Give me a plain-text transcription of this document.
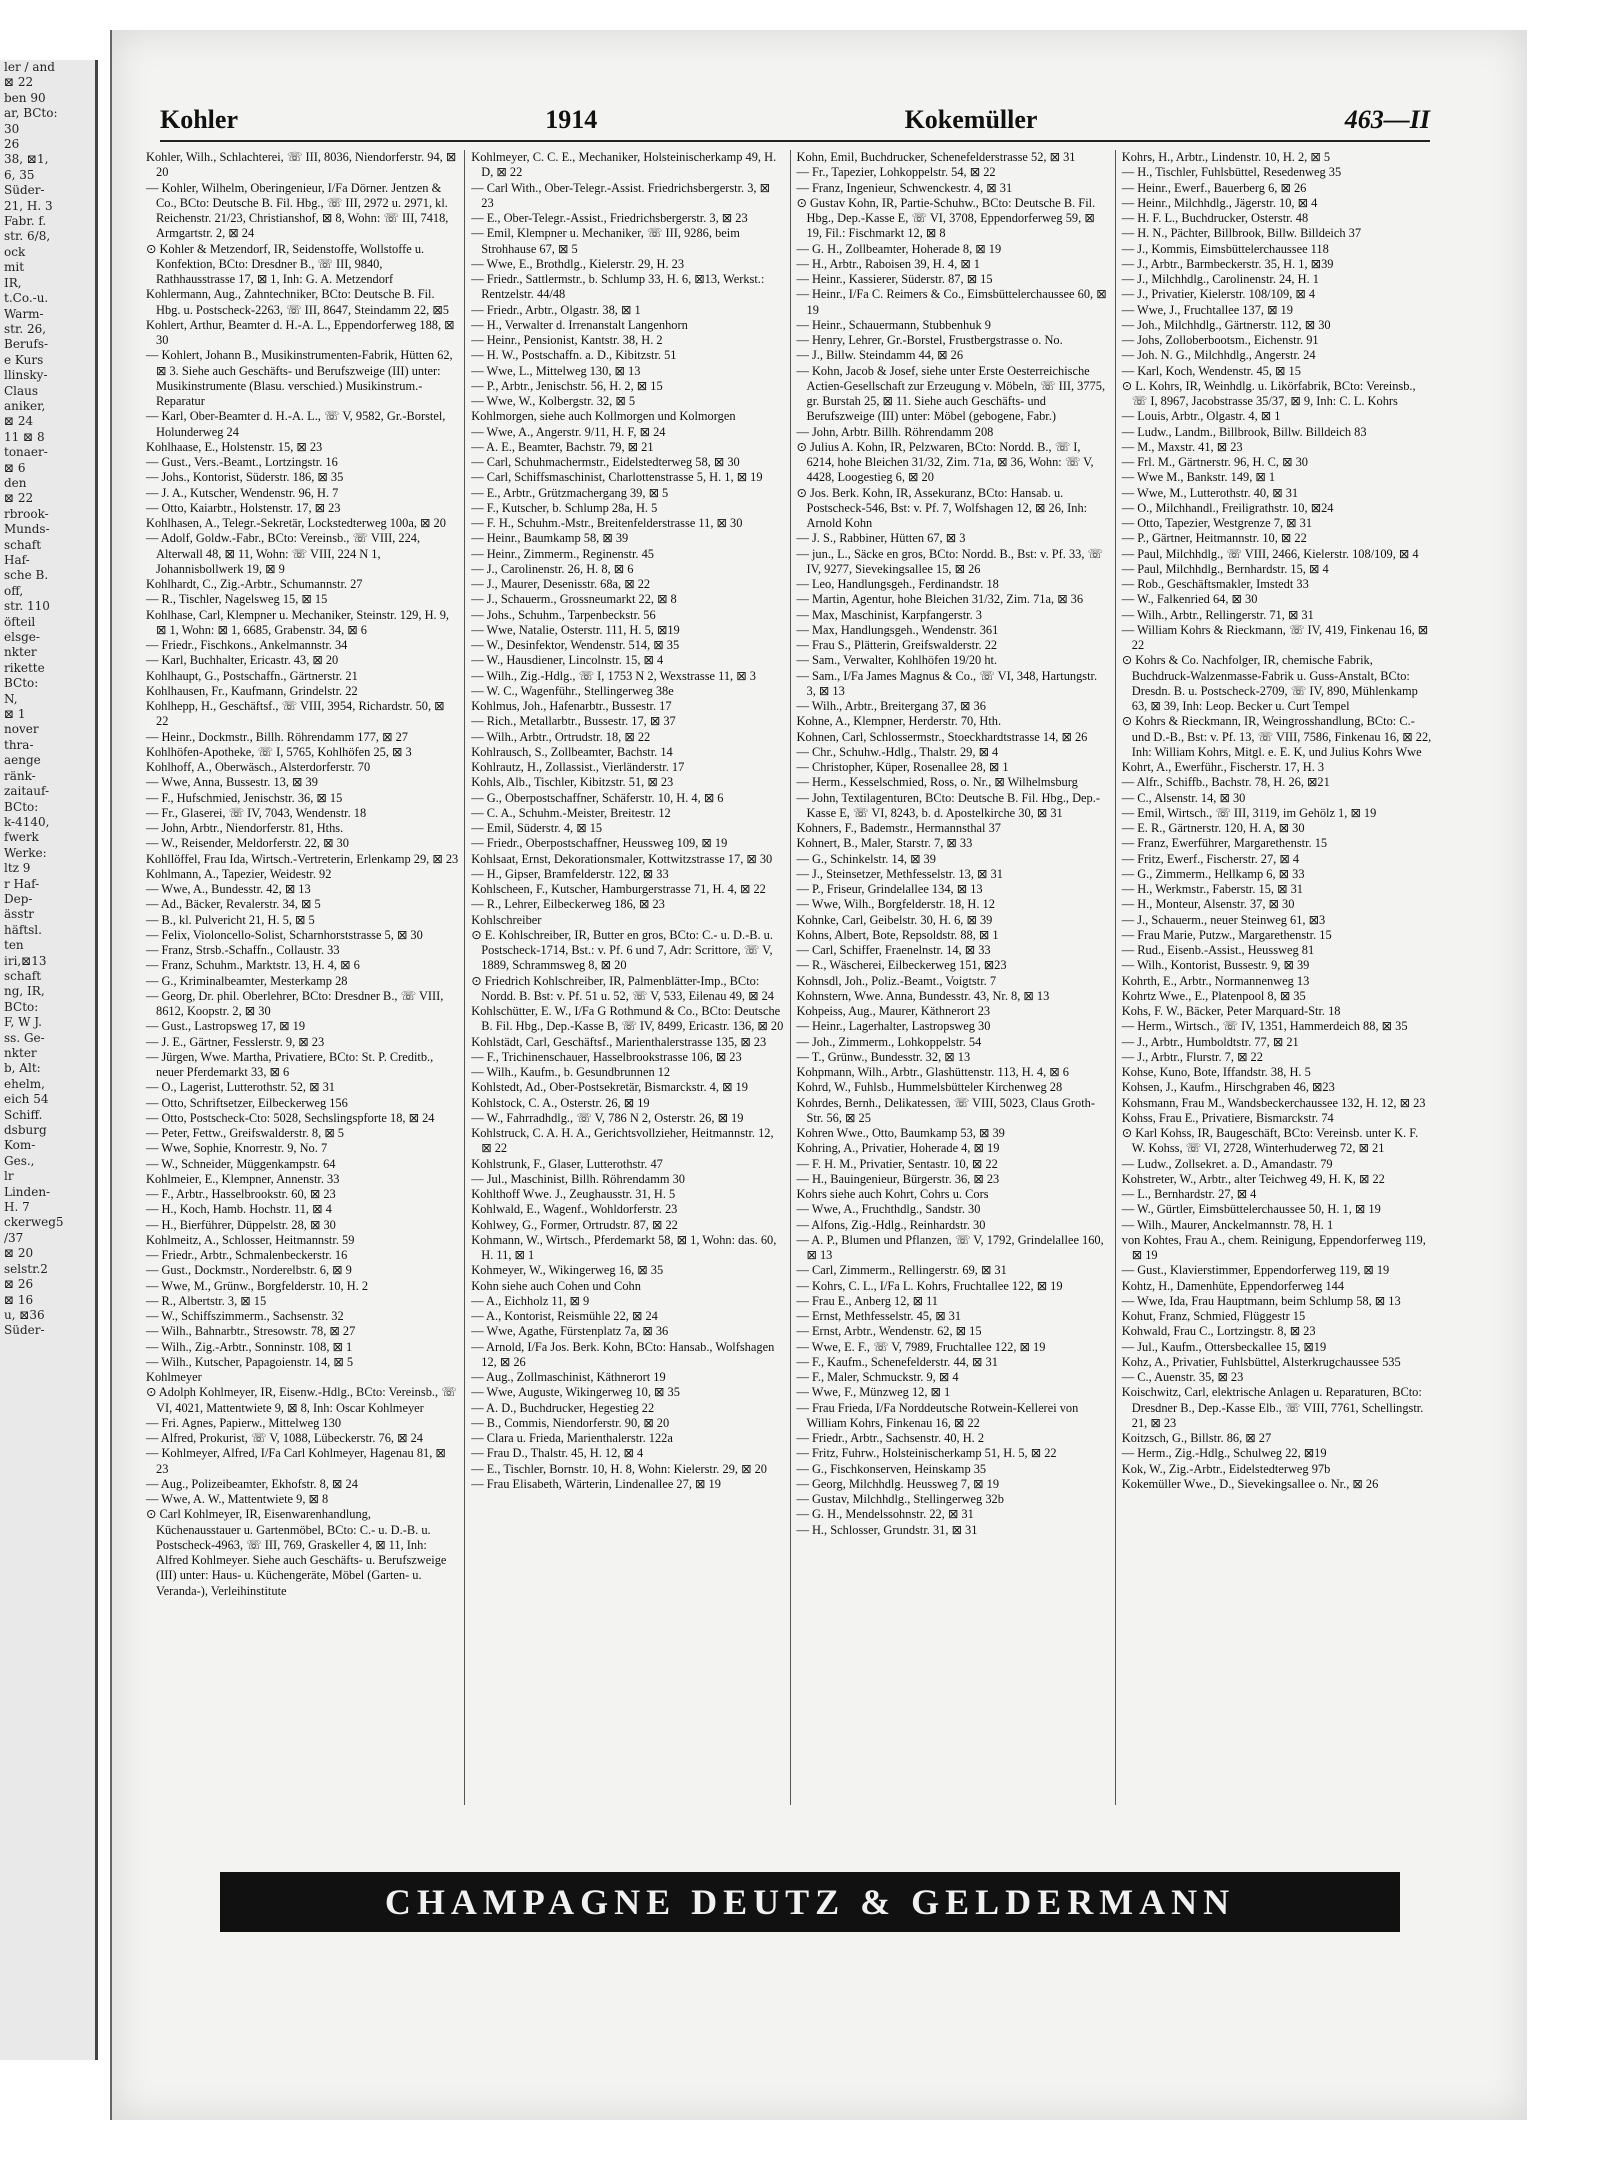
ler / and
⊠ 22
ben 90
ar, BCto:
30
26
38, ⊠1,
6, 35
Süder-
21, H. 3
Fabr. f.
str. 6/8,
ock
mit
IR,
t.Co.-u.
Warm-
str. 26,
Berufs-
e Kurs
llinsky-
Claus
aniker,
⊠ 24
11 ⊠ 8
tonaer-
⊠ 6
den
⊠ 22
rbrook-
Munds-
schaft
Haf-
sche B.
off,
str. 110
öfteil
elsge-
nkter
rikette
BCto:
N,
⊠ 1
nover
thra-
aenge
ränk-
zaitauf-
BCto:
k-4140,
fwerk
Werke:
ltz 9
r Haf-
Dep-
ässtr
häftsl.
ten
iri,⊠13
schaft
ng, IR,
BCto:
F, W J.
ss. Ge-
nkter
b, Alt:
ehelm,
eich 54
Schiff.
dsburg
Kom-
Ges.,
lr
Linden-
H. 7
ckerweg5
/37
⊠ 20
selstr.2
⊠ 26
⊠ 16
u, ⊠36
Süder-
Kohler	1914	Kokemüller	463—II

Kohler, Wilh., Schlachterei, ☏ III, 8036, Niendorferstr. 94, ⊠ 20

— Kohler, Wilhelm, Oberingenieur, I/Fa Dörner. Jentzen & Co., BCto: Deutsche B. Fil. Hbg., ☏ III, 2972 u. 2971, kl. Reichenstr. 21/23, Christianshof, ⊠ 8, Wohn: ☏ III, 7418, Armgartstr. 2, ⊠ 24

⊙ Kohler & Metzendorf, IR, Seidenstoffe, Wollstoffe u. Konfektion, BCto: Dresdner B., ☏ III, 9840, Rathhausstrasse 17, ⊠ 1, Inh: G. A. Metzendorf

Kohlermann, Aug., Zahntechniker, BCto: Deutsche B. Fil. Hbg. u. Postscheck-2263, ☏ III, 8647, Steindamm 22, ⊠5

Kohlert, Arthur, Beamter d. H.-A. L., Eppendorferweg 188, ⊠ 30

— Kohlert, Johann B., Musikinstrumenten-Fabrik, Hütten 62, ⊠ 3. Siehe auch Geschäfts- und Berufszweige (III) unter: Musikinstrumente (Blasu. verschied.) Musikinstrum.-Reparatur

— Karl, Ober-Beamter d. H.-A. L., ☏ V, 9582, Gr.-Borstel, Holunderweg 24

Kohlhaase, E., Holstenstr. 15, ⊠ 23

— Gust., Vers.-Beamt., Lortzingstr. 16

— Johs., Kontorist, Süderstr. 186, ⊠ 35

— J. A., Kutscher, Wendenstr. 96, H. 7

— Otto, Kaiarbtr., Holstenstr. 17, ⊠ 23

Kohlhasen, A., Telegr.-Sekretär, Lockstedterweg 100a, ⊠ 20

— Adolf, Goldw.-Fabr., BCto: Vereinsb., ☏ VIII, 224, Alterwall 48, ⊠ 11, Wohn: ☏ VIII, 224 N 1, Johannisbollwerk 19, ⊠ 9

Kohlhardt, C., Zig.-Arbtr., Schumannstr. 27

— R., Tischler, Nagelsweg 15, ⊠ 15

Kohlhase, Carl, Klempner u. Mechaniker, Steinstr. 129, H. 9, ⊠ 1, Wohn: ⊠ 1, 6685, Grabenstr. 34, ⊠ 6

— Friedr., Fischkons., Ankelmannstr. 34

— Karl, Buchhalter, Ericastr. 43, ⊠ 20

Kohlhaupt, G., Postschaffn., Gärtnerstr. 21

Kohlhausen, Fr., Kaufmann, Grindelstr. 22

Kohlhepp, H., Geschäftsf., ☏ VIII, 3954, Richardstr. 50, ⊠ 22

— Heinr., Dockmstr., Billh. Röhrendamm 177, ⊠ 27

Kohlhöfen-Apotheke, ☏ I, 5765, Kohlhöfen 25, ⊠ 3

Kohlhoff, A., Oberwäsch., Alsterdorferstr. 70

— Wwe, Anna, Bussestr. 13, ⊠ 39

— F., Hufschmied, Jenischstr. 36, ⊠ 15

— Fr., Glaserei, ☏ IV, 7043, Wendenstr. 18

— John, Arbtr., Niendorferstr. 81, Hths.

— W., Reisender, Meldorferstr. 22, ⊠ 30

Kohllöffel, Frau Ida, Wirtsch.-Vertreterin, Erlenkamp 29, ⊠ 23

Kohlmann, A., Tapezier, Weidestr. 92

— Wwe, A., Bundesstr. 42, ⊠ 13

— Ad., Bäcker, Revalerstr. 34, ⊠ 5

— B., kl. Pulvericht 21, H. 5, ⊠ 5

— Felix, Violoncello-Solist, Scharnhorststrasse 5, ⊠ 30

— Franz, Strsb.-Schaffn., Collaustr. 33

— Franz, Schuhm., Marktstr. 13, H. 4, ⊠ 6

— G., Kriminalbeamter, Mesterkamp 28

— Georg, Dr. phil. Oberlehrer, BCto: Dresdner B., ☏ VIII, 8612, Koopstr. 2, ⊠ 30

— Gust., Lastropsweg 17, ⊠ 19

— J. E., Gärtner, Fesslerstr. 9, ⊠ 23

— Jürgen, Wwe. Martha, Privatiere, BCto: St. P. Creditb., neuer Pferdemarkt 33, ⊠ 6

— O., Lagerist, Lutterothstr. 52, ⊠ 31

— Otto, Schriftsetzer, Eilbeckerweg 156

— Otto, Postscheck-Cto: 5028, Sechslingspforte 18, ⊠ 24

— Peter, Fettw., Greifswalderstr. 8, ⊠ 5

— Wwe, Sophie, Knorrestr. 9, No. 7

— W., Schneider, Müggenkampstr. 64

Kohlmeier, E., Klempner, Annenstr. 33

— F., Arbtr., Hasselbrookstr. 60, ⊠ 23

— H., Koch, Hamb. Hochstr. 11, ⊠ 4

— H., Bierführer, Düppelstr. 28, ⊠ 30

Kohlmeitz, A., Schlosser, Heitmannstr. 59

— Friedr., Arbtr., Schmalenbeckerstr. 16

— Gust., Dockmstr., Norderelbstr. 6, ⊠ 9

— Wwe, M., Grünw., Borgfelderstr. 10, H. 2

— R., Albertstr. 3, ⊠ 15

— W., Schiffszimmerm., Sachsenstr. 32

— Wilh., Bahnarbtr., Stresowstr. 78, ⊠ 27

— Wilh., Zig.-Arbtr., Sonninstr. 108, ⊠ 1

— Wilh., Kutscher, Papagoienstr. 14, ⊠ 5

Kohlmeyer

⊙ Adolph Kohlmeyer, IR, Eisenw.-Hdlg., BCto: Vereinsb., ☏ VI, 4021, Mattentwiete 9, ⊠ 8, Inh: Oscar Kohlmeyer

— Fri. Agnes, Papierw., Mittelweg 130

— Alfred, Prokurist, ☏ V, 1088, Lübeckerstr. 76, ⊠ 24

— Kohlmeyer, Alfred, I/Fa Carl Kohlmeyer, Hagenau 81, ⊠ 23

— Aug., Polizeibeamter, Ekhofstr. 8, ⊠ 24

— Wwe, A. W., Mattentwiete 9, ⊠ 8

⊙ Carl Kohlmeyer, IR, Eisenwarenhandlung, Küchenausstauer u. Gartenmöbel, BCto: C.- u. D.-B. u. Postscheck-4963, ☏ III, 769, Graskeller 4, ⊠ 11, Inh: Alfred Kohlmeyer. Siehe auch Geschäfts- u. Berufszweige (III) unter: Haus- u. Küchengeräte, Möbel (Garten- u. Veranda-), Verleihinstitute

Kohlmeyer, C. C. E., Mechaniker, Holsteinischerkamp 49, H. D, ⊠ 22

— Carl With., Ober-Telegr.-Assist. Friedrichsbergerstr. 3, ⊠ 23

— E., Ober-Telegr.-Assist., Friedrichsbergerstr. 3, ⊠ 23

— Emil, Klempner u. Mechaniker, ☏ III, 9286, beim Strohhause 67, ⊠ 5

— Wwe, E., Brothdlg., Kielerstr. 29, H. 23

— Friedr., Sattlermstr., b. Schlump 33, H. 6, ⊠13, Werkst.: Rentzelstr. 44/48

— Friedr., Arbtr., Olgastr. 38, ⊠ 1

— H., Verwalter d. Irrenanstalt Langenhorn

— Heinr., Pensionist, Kantstr. 38, H. 2

— H. W., Postschaffn. a. D., Kibitzstr. 51

— Wwe, L., Mittelweg 130, ⊠ 13

— P., Arbtr., Jenischstr. 56, H. 2, ⊠ 15

— Wwe, W., Kolbergstr. 32, ⊠ 5

Kohlmorgen, siehe auch Kollmorgen und Kolmorgen

— Wwe, A., Angerstr. 9/11, H. F, ⊠ 24

— A. E., Beamter, Bachstr. 79, ⊠ 21

— Carl, Schuhmachermstr., Eidelstedterweg 58, ⊠ 30

— Carl, Schiffsmaschinist, Charlottenstrasse 5, H. 1, ⊠ 19

— E., Arbtr., Grützmachergang 39, ⊠ 5

— F., Kutscher, b. Schlump 28a, H. 5

— F. H., Schuhm.-Mstr., Breitenfelderstrasse 11, ⊠ 30

— Heinr., Baumkamp 58, ⊠ 39

— Heinr., Zimmerm., Reginenstr. 45

— J., Carolinenstr. 26, H. 8, ⊠ 6

— J., Maurer, Desenisstr. 68a, ⊠ 22

— J., Schauerm., Grossneumarkt 22, ⊠ 8

— Johs., Schuhm., Tarpenbeckstr. 56

— Wwe, Natalie, Osterstr. 111, H. 5, ⊠19

— W., Desinfektor, Wendenstr. 514, ⊠ 35

— W., Hausdiener, Lincolnstr. 15, ⊠ 4

— Wilh., Zig.-Hdlg., ☏ I, 1753 N 2, Wexstrasse 11, ⊠ 3

— W. C., Wagenführ., Stellingerweg 38e

Kohlmus, Joh., Hafenarbtr., Bussestr. 17

— Rich., Metallarbtr., Bussestr. 17, ⊠ 37

— Wilh., Arbtr., Ortrudstr. 18, ⊠ 22

Kohlrausch, S., Zollbeamter, Bachstr. 14

Kohlrautz, H., Zollassist., Vierländerstr. 17

Kohls, Alb., Tischler, Kibitzstr. 51, ⊠ 23

— G., Oberpostschaffner, Schäferstr. 10, H. 4, ⊠ 6

— C. A., Schuhm.-Meister, Breitestr. 12

— Emil, Süderstr. 4, ⊠ 15

— Friedr., Oberpostschaffner, Heussweg 109, ⊠ 19

Kohlsaat, Ernst, Dekorationsmaler, Kottwitzstrasse 17, ⊠ 30

— H., Gipser, Bramfelderstr. 122, ⊠ 33

Kohlscheen, F., Kutscher, Hamburgerstrasse 71, H. 4, ⊠ 22

— R., Lehrer, Eilbeckerweg 186, ⊠ 23

Kohlschreiber

⊙ E. Kohlschreiber, IR, Butter en gros, BCto: C.- u. D.-B. u. Postscheck-1714, Bst.: v. Pf. 6 und 7, Adr: Scrittore, ☏ V, 1889, Schrammsweg 8, ⊠ 20

⊙ Friedrich Kohlschreiber, IR, Palmenblätter-Imp., BCto: Nordd. B. Bst: v. Pf. 51 u. 52, ☏ V, 533, Eilenau 49, ⊠ 24

Kohlschütter, E. W., I/Fa G Rothmund & Co., BCto: Deutsche B. Fil. Hbg., Dep.-Kasse B, ☏ IV, 8499, Ericastr. 136, ⊠ 20

Kohlstädt, Carl, Geschäftsf., Marienthalerstrasse 135, ⊠ 23

— F., Trichinenschauer, Hasselbrookstrasse 106, ⊠ 23

— Wilh., Kaufm., b. Gesundbrunnen 12

Kohlstedt, Ad., Ober-Postsekretär, Bismarckstr. 4, ⊠ 19

Kohlstock, C. A., Osterstr. 26, ⊠ 19

— W., Fahrradhdlg., ☏ V, 786 N 2, Osterstr. 26, ⊠ 19

Kohlstruck, C. A. H. A., Gerichtsvollzieher, Heitmannstr. 12, ⊠ 22

Kohlstrunk, F., Glaser, Lutterothstr. 47

— Jul., Maschinist, Billh. Röhrendamm 30

Kohlthoff Wwe. J., Zeughausstr. 31, H. 5

Kohlwald, E., Wagenf., Wohldorferstr. 23

Kohlwey, G., Former, Ortrudstr. 87, ⊠ 22

Kohmann, W., Wirtsch., Pferdemarkt 58, ⊠ 1, Wohn: das. 60, H. 11, ⊠ 1

Kohmeyer, W., Wikingerweg 16, ⊠ 35

Kohn siehe auch Cohen und Cohn

— A., Eichholz 11, ⊠ 9

— A., Kontorist, Reismühle 22, ⊠ 24

— Wwe, Agathe, Fürstenplatz 7a, ⊠ 36

— Arnold, I/Fa Jos. Berk. Kohn, BCto: Hansab., Wolfshagen 12, ⊠ 26

— Aug., Zollmaschinist, Käthnerort 19

— Wwe, Auguste, Wikingerweg 10, ⊠ 35

— A. D., Buchdrucker, Hegestieg 22

— B., Commis, Niendorferstr. 90, ⊠ 20

— Clara u. Frieda, Marienthalerstr. 122a

— Frau D., Thalstr. 45, H. 12, ⊠ 4

— E., Tischler, Bornstr. 10, H. 8, Wohn: Kielerstr. 29, ⊠ 20

— Frau Elisabeth, Wärterin, Lindenallee 27, ⊠ 19

Kohn, Emil, Buchdrucker, Schenefelderstrasse 52, ⊠ 31

— Fr., Tapezier, Lohkoppelstr. 54, ⊠ 22

— Franz, Ingenieur, Schwenckestr. 4, ⊠ 31

⊙ Gustav Kohn, IR, Partie-Schuhw., BCto: Deutsche B. Fil. Hbg., Dep.-Kasse E, ☏ VI, 3708, Eppendorferweg 59, ⊠ 19, Fil.: Fischmarkt 12, ⊠ 8

— G. H., Zollbeamter, Hoherade 8, ⊠ 19

— H., Arbtr., Raboisen 39, H. 4, ⊠ 1

— Heinr., Kassierer, Süderstr. 87, ⊠ 15

— Heinr., I/Fa C. Reimers & Co., Eimsbüttelerchaussee 60, ⊠ 19

— Heinr., Schauermann, Stubbenhuk 9

— Henry, Lehrer, Gr.-Borstel, Frustbergstrasse o. No.

— J., Billw. Steindamm 44, ⊠ 26

— Kohn, Jacob & Josef, siehe unter Erste Oesterreichische Actien-Gesellschaft zur Erzeugung v. Möbeln, ☏ III, 3775, gr. Burstah 25, ⊠ 11. Siehe auch Geschäfts- und Berufszweige (III) unter: Möbel (gebogene, Fabr.)

— John, Arbtr. Billh. Röhrendamm 208

⊙ Julius A. Kohn, IR, Pelzwaren, BCto: Nordd. B., ☏ I, 6214, hohe Bleichen 31/32, Zim. 71a, ⊠ 36, Wohn: ☏ V, 4428, Loogestieg 6, ⊠ 20

⊙ Jos. Berk. Kohn, IR, Assekuranz, BCto: Hansab. u. Postscheck-546, Bst: v. Pf. 7, Wolfshagen 12, ⊠ 26, Inh: Arnold Kohn

— J. S., Rabbiner, Hütten 67, ⊠ 3

— jun., L., Säcke en gros, BCto: Nordd. B., Bst: v. Pf. 33, ☏ IV, 9277, Sievekingsallee 15, ⊠ 26

— Leo, Handlungsgeh., Ferdinandstr. 18

— Martin, Agentur, hohe Bleichen 31/32, Zim. 71a, ⊠ 36

— Max, Maschinist, Karpfangerstr. 3

— Max, Handlungsgeh., Wendenstr. 361

— Frau S., Plätterin, Greifswalderstr. 22

— Sam., Verwalter, Kohlhöfen 19/20 ht.

— Sam., I/Fa James Magnus & Co., ☏ VI, 348, Hartungstr. 3, ⊠ 13

— Wilh., Arbtr., Breitergang 37, ⊠ 36

Kohne, A., Klempner, Herderstr. 70, Hth.

Kohnen, Carl, Schlossermstr., Stoeckhardtstrasse 14, ⊠ 26

— Chr., Schuhw.-Hdlg., Thalstr. 29, ⊠ 4

— Christopher, Küper, Rosenallee 28, ⊠ 1

— Herm., Kesselschmied, Ross, o. Nr., ⊠ Wilhelmsburg

— John, Textilagenturen, BCto: Deutsche B. Fil. Hbg., Dep.-Kasse E, ☏ VI, 8243, b. d. Apostelkirche 30, ⊠ 31

Kohners, F., Bademstr., Hermannsthal 37

Kohnert, B., Maler, Starstr. 7, ⊠ 33

— G., Schinkelstr. 14, ⊠ 39

— J., Steinsetzer, Methfesselstr. 13, ⊠ 31

— P., Friseur, Grindelallee 134, ⊠ 13

— Wwe, Wilh., Borgfelderstr. 18, H. 12

Kohnke, Carl, Geibelstr. 30, H. 6, ⊠ 39

Kohns, Albert, Bote, Repsoldstr. 88, ⊠ 1

— Carl, Schiffer, Fraenelnstr. 14, ⊠ 33

— R., Wäscherei, Eilbeckerweg 151, ⊠23

Kohnsdl, Joh., Poliz.-Beamt., Voigtstr. 7

Kohnstern, Wwe. Anna, Bundesstr. 43, Nr. 8, ⊠ 13

Kohpeiss, Aug., Maurer, Käthnerort 23

— Heinr., Lagerhalter, Lastropsweg 30

— Joh., Zimmerm., Lohkoppelstr. 54

— T., Grünw., Bundesstr. 32, ⊠ 13

Kohpmann, Wilh., Arbtr., Glashüttenstr. 113, H. 4, ⊠ 6

Kohrd, W., Fuhlsb., Hummelsbütteler Kirchenweg 28

Kohrdes, Bernh., Delikatessen, ☏ VIII, 5023, Claus Groth-Str. 56, ⊠ 25

Kohren Wwe., Otto, Baumkamp 53, ⊠ 39

Kohring, A., Privatier, Hoherade 4, ⊠ 19

— F. H. M., Privatier, Sentastr. 10, ⊠ 22

— H., Bauingenieur, Bürgerstr. 36, ⊠ 23

Kohrs siehe auch Kohrt, Cohrs u. Cors

— Wwe, A., Fruchthdlg., Sandstr. 30

— Alfons, Zig.-Hdlg., Reinhardstr. 30

— A. P., Blumen und Pflanzen, ☏ V, 1792, Grindelallee 160, ⊠ 13

— Carl, Zimmerm., Rellingerstr. 69, ⊠ 31

— Kohrs, C. L., I/Fa L. Kohrs, Fruchtallee 122, ⊠ 19

— Frau E., Anberg 12, ⊠ 11

— Ernst, Methfesselstr. 45, ⊠ 31

— Ernst, Arbtr., Wendenstr. 62, ⊠ 15

— Wwe, E. F., ☏ V, 7989, Fruchtallee 122, ⊠ 19

— F., Kaufm., Schenefelderstr. 44, ⊠ 31

— F., Maler, Schmuckstr. 9, ⊠ 4

— Wwe, F., Münzweg 12, ⊠ 1

— Frau Frieda, I/Fa Norddeutsche Rotwein-Kellerei von William Kohrs, Finkenau 16, ⊠ 22

— Friedr., Arbtr., Sachsenstr. 40, H. 2

— Fritz, Fuhrw., Holsteinischerkamp 51, H. 5, ⊠ 22

— G., Fischkonserven, Heinskamp 35

— Georg, Milchhdlg. Heussweg 7, ⊠ 19

— Gustav, Milchhdlg., Stellingerweg 32b

— G. H., Mendelssohnstr. 22, ⊠ 31

— H., Schlosser, Grundstr. 31, ⊠ 31

Kohrs, H., Arbtr., Lindenstr. 10, H. 2, ⊠ 5

— H., Tischler, Fuhlsbüttel, Resedenweg 35

— Heinr., Ewerf., Bauerberg 6, ⊠ 26

— Heinr., Milchhdlg., Jägerstr. 10, ⊠ 4

— H. F. L., Buchdrucker, Osterstr. 48

— H. N., Pächter, Billbrook, Billw. Billdeich 37

— J., Kommis, Eimsbüttelerchaussee 118

— J., Arbtr., Barmbeckerstr. 35, H. 1, ⊠39

— J., Milchhdlg., Carolinenstr. 24, H. 1

— J., Privatier, Kielerstr. 108/109, ⊠ 4

— Wwe, J., Fruchtallee 137, ⊠ 19

— Joh., Milchhdlg., Gärtnerstr. 112, ⊠ 30

— Johs, Zolloberbootsm., Eichenstr. 91

— Joh. N. G., Milchhdlg., Angerstr. 24

— Karl, Koch, Wendenstr. 45, ⊠ 15

⊙ L. Kohrs, IR, Weinhdlg. u. Likörfabrik, BCto: Vereinsb., ☏ I, 8967, Jacobstrasse 35/37, ⊠ 9, Inh: C. L. Kohrs

— Louis, Arbtr., Olgastr. 4, ⊠ 1

— Ludw., Landm., Billbrook, Billw. Billdeich 83

— M., Maxstr. 41, ⊠ 23

— Frl. M., Gärtnerstr. 96, H. C, ⊠ 30

— Wwe M., Bankstr. 149, ⊠ 1

— Wwe, M., Lutterothstr. 40, ⊠ 31

— O., Milchhandl., Freiligrathstr. 10, ⊠24

— Otto, Tapezier, Westgrenze 7, ⊠ 31

— P., Gärtner, Heitmannstr. 10, ⊠ 22

— Paul, Milchhdlg., ☏ VIII, 2466, Kielerstr. 108/109, ⊠ 4

— Paul, Milchhdlg., Bernhardstr. 15, ⊠ 4

— Rob., Geschäftsmakler, Imstedt 33

— W., Falkenried 64, ⊠ 30

— Wilh., Arbtr., Rellingerstr. 71, ⊠ 31

— William Kohrs & Rieckmann, ☏ IV, 419, Finkenau 16, ⊠ 22

⊙ Kohrs & Co. Nachfolger, IR, chemische Fabrik, Buchdruck-Walzenmasse-Fabrik u. Guss-Anstalt, BCto: Dresdn. B. u. Postscheck-2709, ☏ IV, 890, Mühlenkamp 63, ⊠ 39, Inh: Leop. Becker u. Curt Tempel

⊙ Kohrs & Rieckmann, IR, Weingrosshandlung, BCto: C.- und D.-B., Bst: v. Pf. 13, ☏ VIII, 7586, Finkenau 16, ⊠ 22, Inh: William Kohrs, Mitgl. e. E. K, und Julius Kohrs Wwe

Kohrt, A., Ewerführ., Fischerstr. 17, H. 3

— Alfr., Schiffb., Bachstr. 78, H. 26, ⊠21

— C., Alsenstr. 14, ⊠ 30

— Emil, Wirtsch., ☏ III, 3119, im Gehölz 1, ⊠ 19

— E. R., Gärtnerstr. 120, H. A, ⊠ 30

— Franz, Ewerführer, Margarethenstr. 15

— Fritz, Ewerf., Fischerstr. 27, ⊠ 4

— G., Zimmerm., Hellkamp 6, ⊠ 33

— H., Werkmstr., Faberstr. 15, ⊠ 31

— H., Monteur, Alsenstr. 37, ⊠ 30

— J., Schauerm., neuer Steinweg 61, ⊠3

— Frau Marie, Putzw., Margarethenstr. 15

— Rud., Eisenb.-Assist., Heussweg 81

— Wilh., Kontorist, Bussestr. 9, ⊠ 39

Kohrth, E., Arbtr., Normannenweg 13

Kohrtz Wwe., E., Platenpool 8, ⊠ 35

Kohs, F. W., Bäcker, Peter Marquard-Str. 18

— Herm., Wirtsch., ☏ IV, 1351, Hammerdeich 88, ⊠ 35

— J., Arbtr., Humboldtstr. 77, ⊠ 21

— J., Arbtr., Flurstr. 7, ⊠ 22

Kohse, Kuno, Bote, Iffandstr. 38, H. 5

Kohsen, J., Kaufm., Hirschgraben 46, ⊠23

Kohsmann, Frau M., Wandsbeckerchaussee 132, H. 12, ⊠ 23

Kohss, Frau E., Privatiere, Bismarckstr. 74

⊙ Karl Kohss, IR, Baugeschäft, BCto: Vereinsb. unter K. F. W. Kohss, ☏ VI, 2728, Winterhuderweg 72, ⊠ 21

— Ludw., Zollsekret. a. D., Amandastr. 79

Kohstreter, W., Arbtr., alter Teichweg 49, H. K, ⊠ 22

— L., Bernhardstr. 27, ⊠ 4

— W., Gürtler, Eimsbüttelerchaussee 50, H. 1, ⊠ 19

— Wilh., Maurer, Anckelmannstr. 78, H. 1

von Kohtes, Frau A., chem. Reinigung, Eppendorferweg 119, ⊠ 19

— Gust., Klavierstimmer, Eppendorferweg 119, ⊠ 19

Kohtz, H., Damenhüte, Eppendorferweg 144

— Wwe, Ida, Frau Hauptmann, beim Schlump 58, ⊠ 13

Kohut, Franz, Schmied, Flüggestr 15

Kohwald, Frau C., Lortzingstr. 8, ⊠ 23

— Jul., Kaufm., Ottersbeckallee 15, ⊠19

Kohz, A., Privatier, Fuhlsbüttel, Alsterkrugchaussee 535

— C., Auenstr. 35, ⊠ 23

Koischwitz, Carl, elektrische Anlagen u. Reparaturen, BCto: Dresdner B., Dep.-Kasse Elb., ☏ VIII, 7761, Schellingstr. 21, ⊠ 23

Koitzsch, G., Billstr. 86, ⊠ 27

— Herm., Zig.-Hdlg., Schulweg 22, ⊠19

Kok, W., Zig.-Arbtr., Eidelstedterweg 97b

Kokemüller Wwe., D., Sievekingsallee o. Nr., ⊠ 26

CHAMPAGNE DEUTZ & GELDERMANN
